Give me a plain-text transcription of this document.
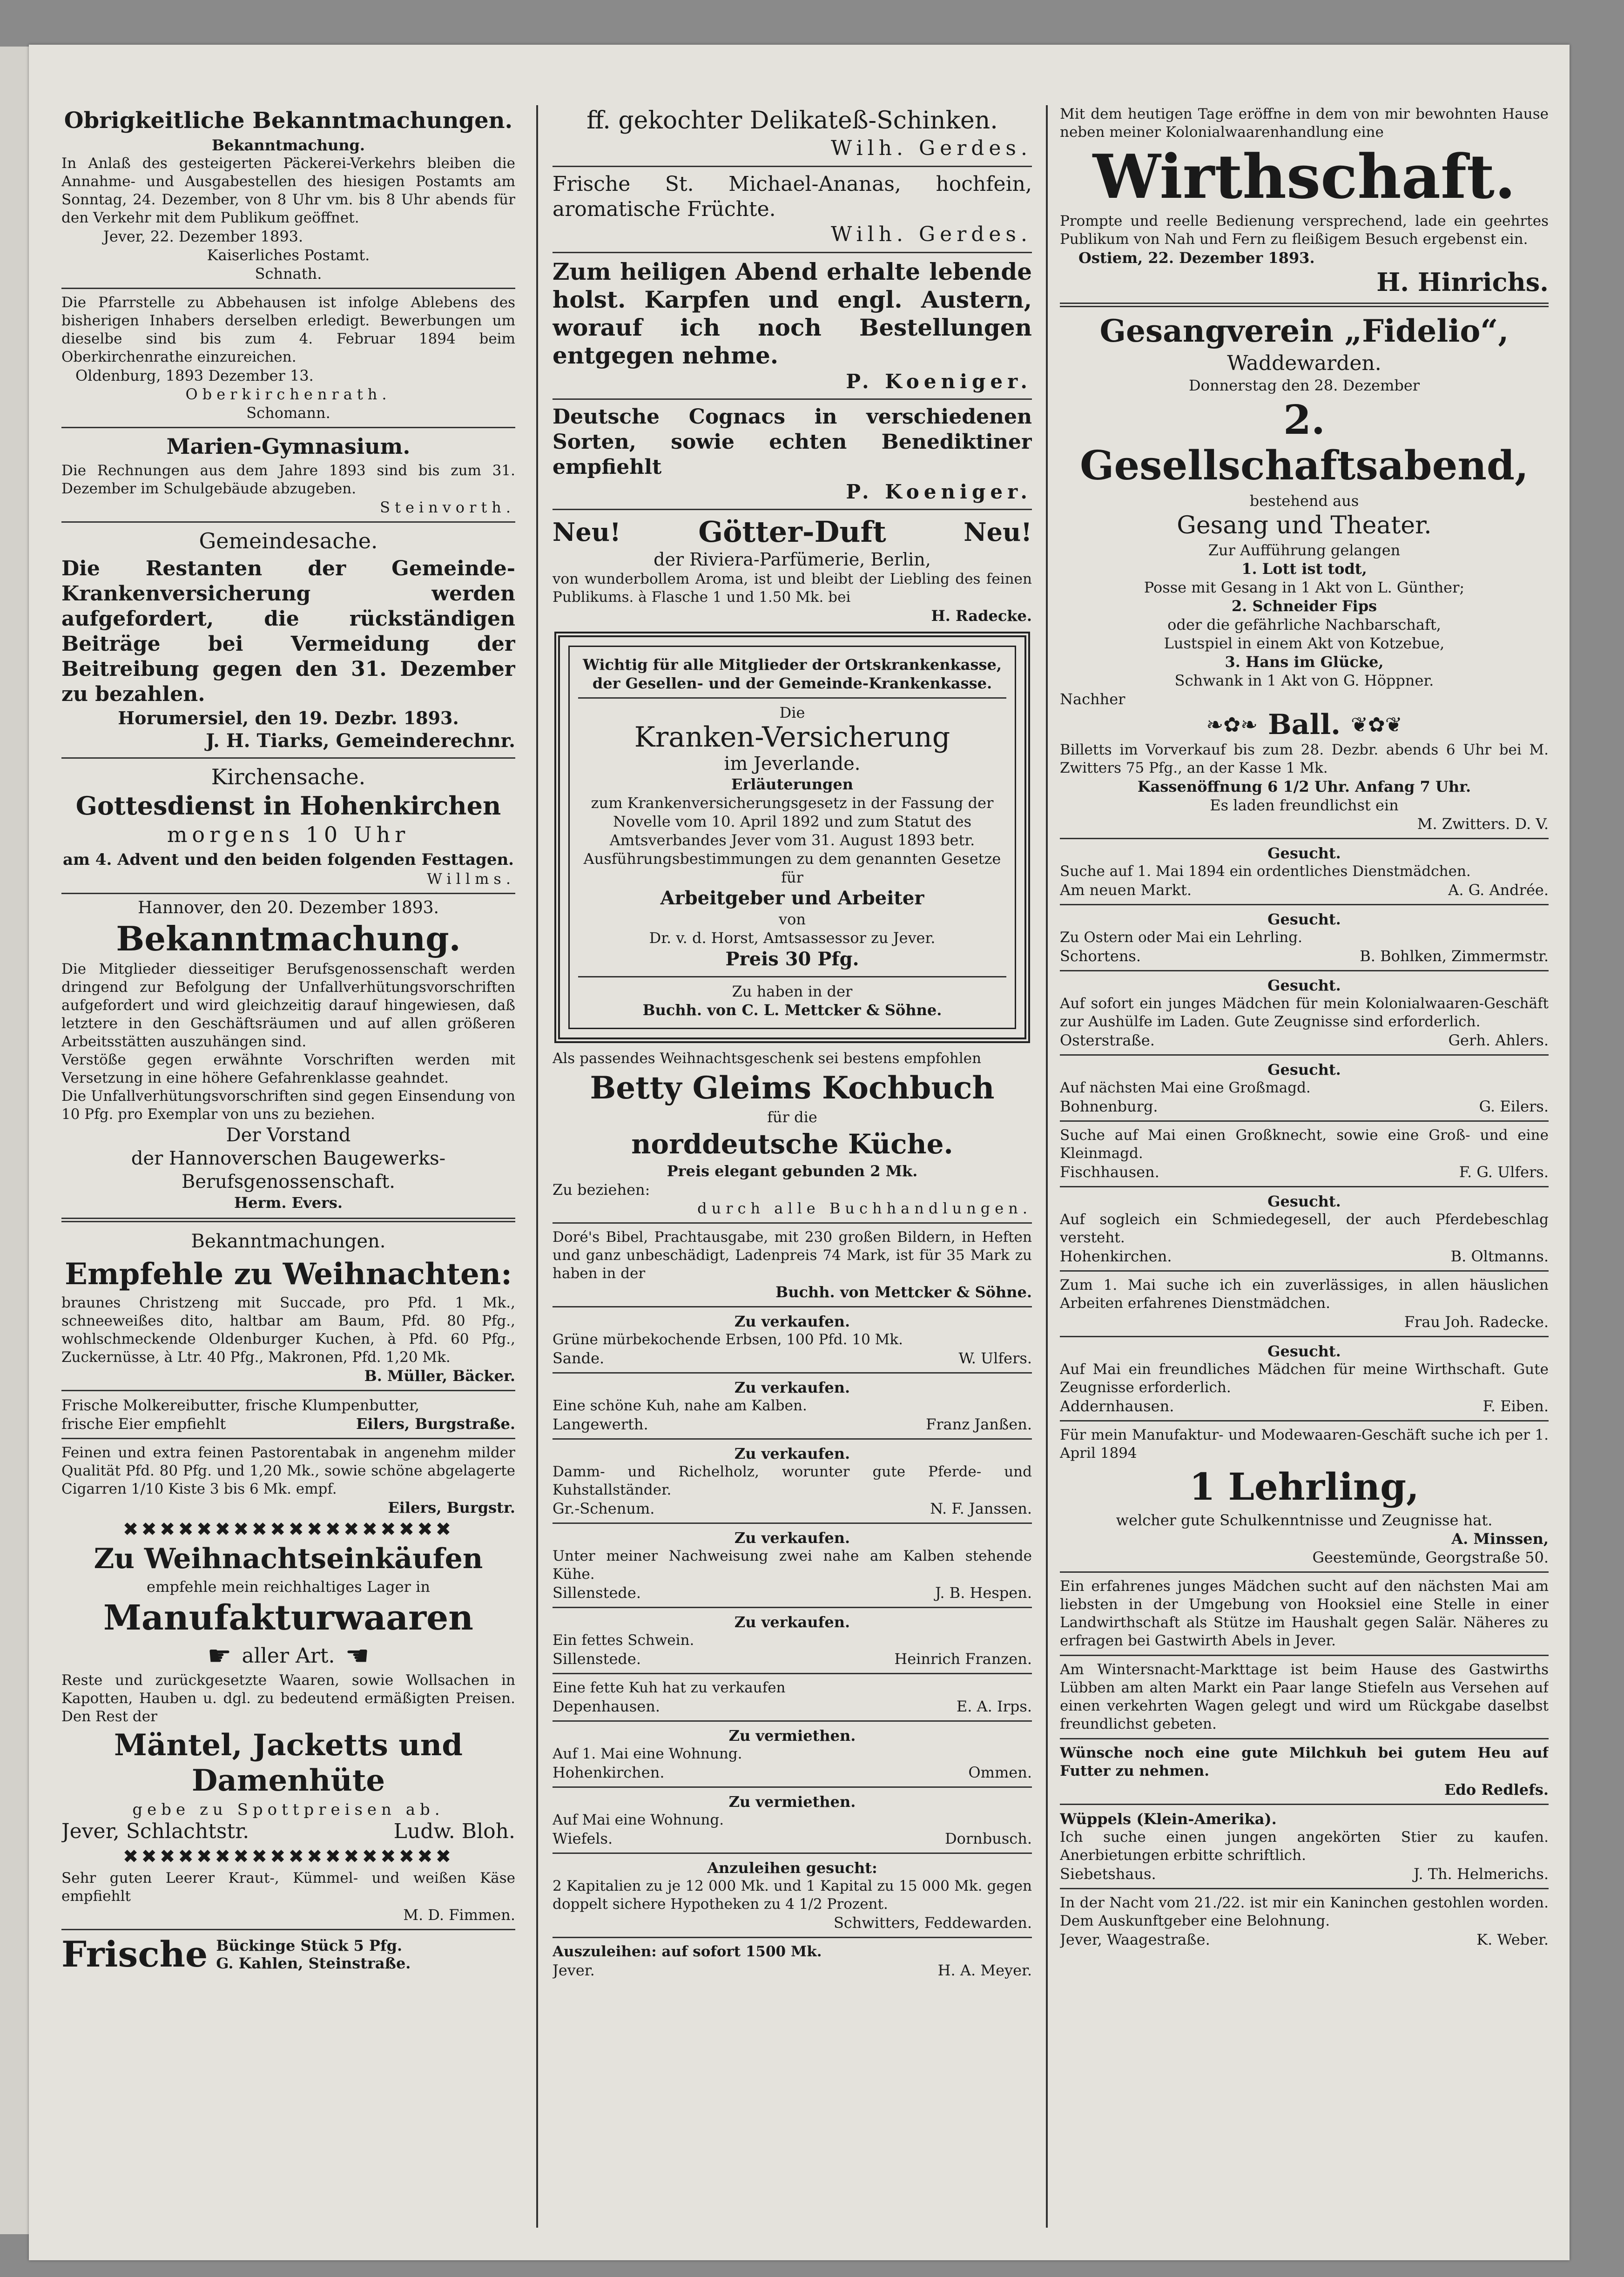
Obrigkeitliche Bekanntmachungen.
Bekanntmachung.

In Anlaß des gesteigerten Päckerei-Verkehrs bleiben die Annahme- und Ausgabestellen des hiesigen Postamts am Sonntag, 24. Dezember, von 8 Uhr vm. bis 8 Uhr abends für den Verkehr mit dem Publikum geöffnet.

Jever, 22. Dezember 1893.

Kaiserliches Postamt.

Schnath.

Die Pfarrstelle zu Abbehausen ist infolge Ablebens des bisherigen Inhabers derselben erledigt. Bewerbungen um dieselbe sind bis zum 4. Februar 1894 beim Oberkirchenrathe einzureichen.

Oldenburg, 1893 Dezember 13.

Oberkirchenrath.

Schomann.

Marien-Gymnasium.

Die Rechnungen aus dem Jahre 1893 sind bis zum 31. Dezember im Schulgebäude abzugeben.

Steinvorth.

Gemeindesache.

Die Restanten der Gemeinde-Krankenversicherung werden aufgefordert, die rückständigen Beiträge bei Vermeidung der Beitreibung gegen den 31. Dezember zu bezahlen.

Horumersiel, den 19. Dezbr. 1893.

J. H. Tiarks, Gemeinderechnr.

Kirchensache.
Gottesdienst in Hohenkirchen
morgens 10 Uhr

am 4. Advent und den beiden folgenden Festtagen.

Willms.

Hannover, den 20. Dezember 1893.

Bekanntmachung.

Die Mitglieder diesseitiger Berufsgenossenschaft werden dringend zur Befolgung der Unfallverhütungsvorschriften aufgefordert und wird gleichzeitig darauf hingewiesen, daß letztere in den Geschäftsräumen und auf allen größeren Arbeitsstätten auszuhängen sind.

Verstöße gegen erwähnte Vorschriften werden mit Versetzung in eine höhere Gefahrenklasse geahndet.

Die Unfallverhütungsvorschriften sind gegen Einsendung von 10 Pfg. pro Exemplar von uns zu beziehen.

Der Vorstand

der Hannoverschen Baugewerks-Berufsgenossenschaft.

Herm. Evers.

Bekanntmachungen.
Empfehle zu Weihnachten:

braunes Christzeng mit Succade, pro Pfd. 1 Mk., schneeweißes dito, haltbar am Baum, Pfd. 80 Pfg., wohlschmeckende Oldenburger Kuchen, à Pfd. 60 Pfg., Zuckernüsse, à Ltr. 40 Pfg., Makronen, Pfd. 1,20 Mk.

B. Müller, Bäcker.

Frische Molkereibutter, frische Klumpenbutter,

frische Eier empfiehlt	Eilers, Burgstraße.

Feinen und extra feinen Pastorentabak in angenehm milder Qualität Pfd. 80 Pfg. und 1,20 Mk., sowie schöne abgelagerte Cigarren 1/10 Kiste 3 bis 6 Mk. empf.

Eilers, Burgstr.

✖✖✖✖✖✖✖✖✖✖✖✖✖✖✖✖✖✖
Zu Weihnachtseinkäufen

empfehle mein reichhaltiges Lager in

Manufakturwaaren
☛ aller Art. ☚

Reste und zurückgesetzte Waaren, sowie Wollsachen in Kapotten, Hauben u. dgl. zu bedeutend ermäßigten Preisen. Den Rest der

Mäntel, Jacketts und Damenhüte

gebe zu Spottpreisen ab.

Jever, Schlachtstr.	Ludw. Bloh.

✖✖✖✖✖✖✖✖✖✖✖✖✖✖✖✖✖✖

Sehr guten Leerer Kraut-, Kümmel- und weißen Käse empfiehlt

M. D. Fimmen.

Frische Bückinge Stück 5 Pfg.
G. Kahlen, Steinstraße.
ff. gekochter Delikateß-Schinken.

Wilh. Gerdes.

Frische St. Michael-Ananas, hochfein, aromatische Früchte.

Wilh. Gerdes.

Zum heiligen Abend erhalte lebende holst. Karpfen und engl. Austern, worauf ich noch Bestellungen entgegen nehme.

P. Koeniger.

Deutsche Cognacs in verschiedenen Sorten, sowie echten Benediktiner empfiehlt

P. Koeniger.

Neu!	Götter-Duft	Neu!

der Riviera-Parfümerie, Berlin,

von wunderbollem Aroma, ist und bleibt der Liebling des feinen Publikums. à Flasche 1 und 1.50 Mk. bei

H. Radecke.

Wichtig für alle Mitglieder der Ortskrankenkasse, der Gesellen- und der Gemeinde-Krankenkasse.

Die

Kranken-Versicherung

im Jeverlande.

Erläuterungen

zum Krankenversicherungsgesetz in der Fassung der Novelle vom 10. April 1892 und zum Statut des Amtsverbandes Jever vom 31. August 1893 betr. Ausführungsbestimmungen zu dem genannten Gesetze

für

Arbeitgeber und Arbeiter

von

Dr. v. d. Horst, Amtsassessor zu Jever.

Preis 30 Pfg.

Zu haben in der

Buchh. von C. L. Mettcker & Söhne.

Als passendes Weihnachtsgeschenk sei bestens empfohlen

Betty Gleims Kochbuch

für die

norddeutsche Küche.

Preis elegant gebunden 2 Mk.

Zu beziehen:

durch alle Buchhandlungen.

Doré's Bibel, Prachtausgabe, mit 230 großen Bildern, in Heften und ganz unbeschädigt, Ladenpreis 74 Mark, ist für 35 Mark zu haben in der

Buchh. von Mettcker & Söhne.

Zu verkaufen.

Grüne mürbekochende Erbsen, 100 Pfd. 10 Mk.

Sande.	W. Ulfers.

Zu verkaufen.

Eine schöne Kuh, nahe am Kalben.

Langewerth.	Franz Janßen.

Zu verkaufen.

Damm- und Richelholz, worunter gute Pferde- und Kuhstallständer.

Gr.-Schenum.	N. F. Janssen.

Zu verkaufen.

Unter meiner Nachweisung zwei nahe am Kalben stehende Kühe.

Sillenstede.	J. B. Hespen.

Zu verkaufen.

Ein fettes Schwein.

Sillenstede.	Heinrich Franzen.

Eine fette Kuh hat zu verkaufen

Depenhausen.	E. A. Irps.

Zu vermiethen.

Auf 1. Mai eine Wohnung.

Hohenkirchen.	Ommen.

Zu vermiethen.

Auf Mai eine Wohnung.

Wiefels.	Dornbusch.

Anzuleihen gesucht:

2 Kapitalien zu je 12 000 Mk. und 1 Kapital zu 15 000 Mk. gegen doppelt sichere Hypotheken zu 4 1/2 Prozent.

Schwitters, Feddewarden.

Auszuleihen: auf sofort 1500 Mk.

Jever.	H. A. Meyer.

Mit dem heutigen Tage eröffne in dem von mir bewohnten Hause neben meiner Kolonialwaarenhandlung eine

Wirthschaft.

Prompte und reelle Bedienung versprechend, lade ein geehrtes Publikum von Nah und Fern zu fleißigem Besuch ergebenst ein.

Ostiem, 22. Dezember 1893.

H. Hinrichs.

Gesangverein „Fidelio“,

Waddewarden.

Donnerstag den 28. Dezember

2. Gesellschaftsabend,

bestehend aus

Gesang und Theater.

Zur Aufführung gelangen

1. Lott ist todt,

Posse mit Gesang in 1 Akt von L. Günther;

2. Schneider Fips

oder die gefährliche Nachbarschaft,

Lustspiel in einem Akt von Kotzebue,

3. Hans im Glücke,

Schwank in 1 Akt von G. Höppner.

Nachher

❧✿❧ Ball. ❦✿❦

Billetts im Vorverkauf bis zum 28. Dezbr. abends 6 Uhr bei M. Zwitters 75 Pfg., an der Kasse 1 Mk.

Kassenöffnung 6 1/2 Uhr. Anfang 7 Uhr.

Es laden freundlichst ein

M. Zwitters. D. V.

Gesucht.

Suche auf 1. Mai 1894 ein ordentliches Dienstmädchen.

Am neuen Markt.	A. G. Andrée.

Gesucht.

Zu Ostern oder Mai ein Lehrling.

Schortens.	B. Bohlken, Zimmermstr.

Gesucht.

Auf sofort ein junges Mädchen für mein Kolonialwaaren-Geschäft zur Aushülfe im Laden. Gute Zeugnisse sind erforderlich.

Osterstraße.	Gerh. Ahlers.

Gesucht.

Auf nächsten Mai eine Großmagd.

Bohnenburg.	G. Eilers.

Suche auf Mai einen Großknecht, sowie eine Groß- und eine Kleinmagd.

Fischhausen.	F. G. Ulfers.

Gesucht.

Auf sogleich ein Schmiedegesell, der auch Pferdebeschlag versteht.

Hohenkirchen.	B. Oltmanns.

Zum 1. Mai suche ich ein zuverlässiges, in allen häuslichen Arbeiten erfahrenes Dienstmädchen.

Frau Joh. Radecke.

Gesucht.

Auf Mai ein freundliches Mädchen für meine Wirthschaft. Gute Zeugnisse erforderlich.

Addernhausen.	F. Eiben.

Für mein Manufaktur- und Modewaaren-Geschäft suche ich per 1. April 1894

1 Lehrling,

welcher gute Schulkenntnisse und Zeugnisse hat.

A. Minssen,

Geestemünde, Georgstraße 50.

Ein erfahrenes junges Mädchen sucht auf den nächsten Mai am liebsten in der Umgebung von Hooksiel eine Stelle in einer Landwirthschaft als Stütze im Haushalt gegen Salär. Näheres zu erfragen bei Gastwirth Abels in Jever.

Am Wintersnacht-Markttage ist beim Hause des Gastwirths Lübben am alten Markt ein Paar lange Stiefeln aus Versehen auf einen verkehrten Wagen gelegt und wird um Rückgabe daselbst freundlichst gebeten.

Wünsche noch eine gute Milchkuh bei gutem Heu auf Futter zu nehmen.

Edo Redlefs.

Wüppels (Klein-Amerika).

Ich suche einen jungen angekörten Stier zu kaufen. Anerbietungen erbitte schriftlich.

Siebetshaus.	J. Th. Helmerichs.

In der Nacht vom 21./22. ist mir ein Kaninchen gestohlen worden. Dem Auskunftgeber eine Belohnung.

Jever, Waagestraße.	K. Weber.
